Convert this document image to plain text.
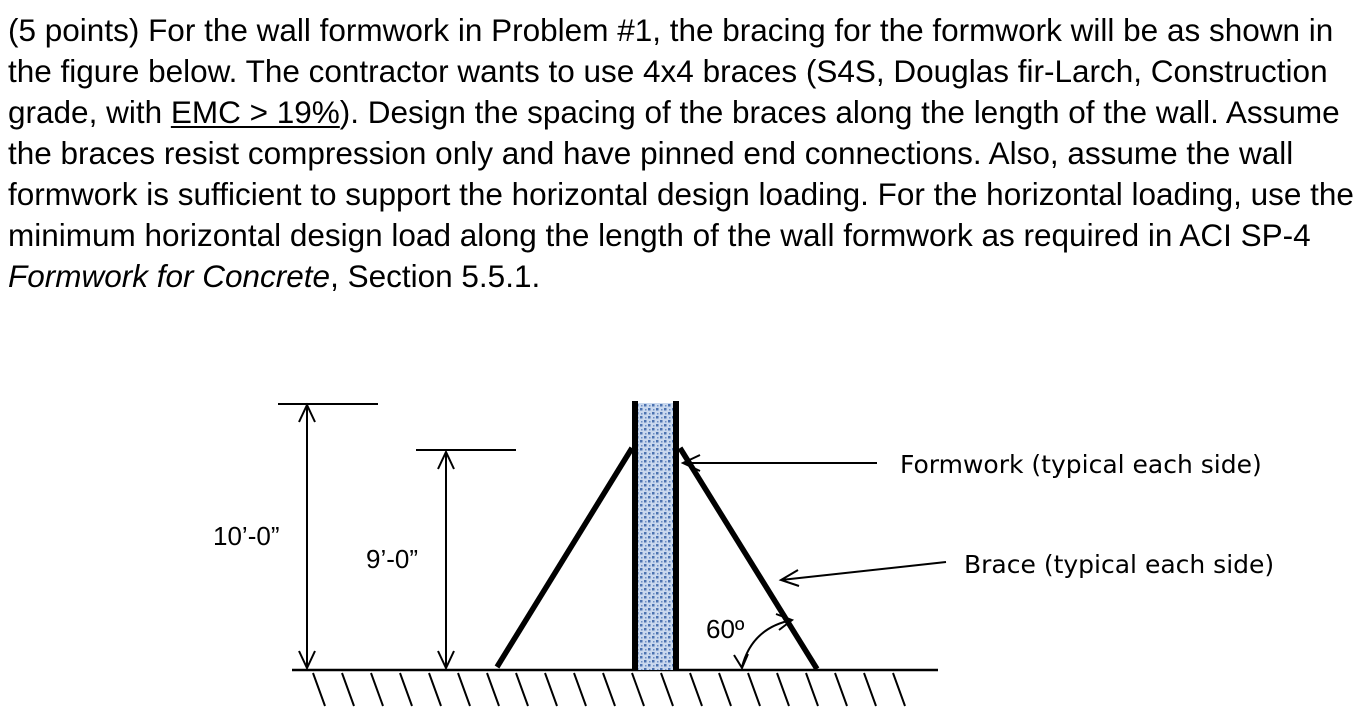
(5 points) For the wall formwork in Problem #1, the bracing for the formwork will be as shown in the figure below. The contractor wants to use 4x4 braces (S4S, Douglas fir-Larch, Construction grade, with EMC > 19%). Design the spacing of the braces along the length of the wall. Assume the braces resist compression only and have pinned end connections. Also, assume the wall formwork is sufficient to support the horizontal design loading. For the horizontal loading, use the minimum horizontal design load along the length of the wall formwork as required in ACI SP-4 Formwork for Concrete, Section 5.5.1.

10’-0”
9’-0”
60º
Formwork (typical each side)
Brace (typical each side)
